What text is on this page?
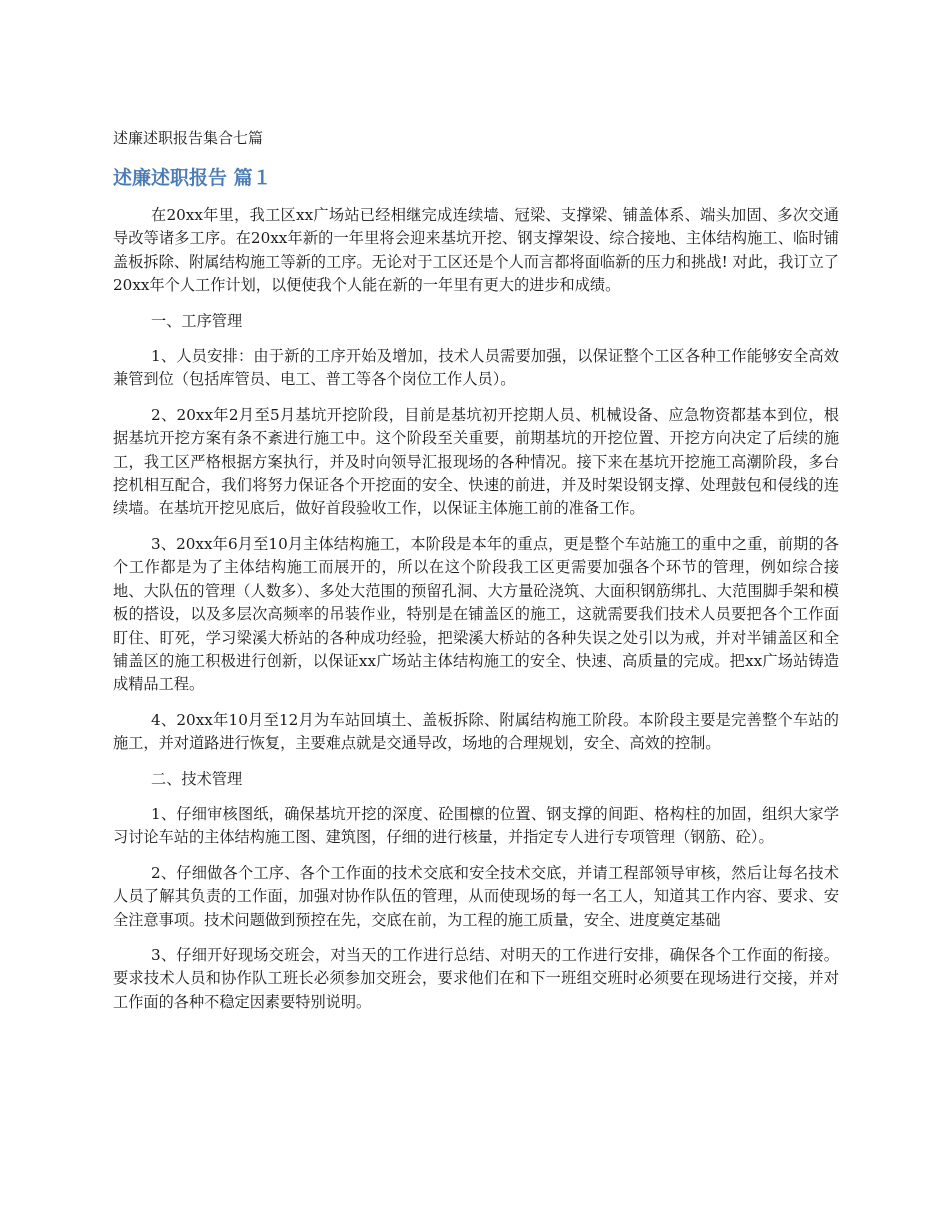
述廉述职报告集合七篇
述廉述职报告 篇１

在20xx年里，我工区xx广场站已经相继完成连续墙、冠梁、支撑梁、铺盖体系、端头加固、多次交通导改等诸多工序。在20xx年新的一年里将会迎来基坑开挖、钢支撑架设、综合接地、主体结构施工、临时铺盖板拆除、附属结构施工等新的工序。无论对于工区还是个人而言都将面临新的压力和挑战! 对此，我订立了20xx年个人工作计划，以便使我个人能在新的一年里有更大的进步和成绩。

一、工序管理

1、人员安排：由于新的工序开始及增加，技术人员需要加强，以保证整个工区各种工作能够安全高效兼管到位（包括库管员、电工、普工等各个岗位工作人员）。

2、20xx年2月至5月基坑开挖阶段，目前是基坑初开挖期人员、机械设备、应急物资都基本到位，根据基坑开挖方案有条不紊进行施工中。这个阶段至关重要，前期基坑的开挖位置、开挖方向决定了后续的施工，我工区严格根据方案执行，并及时向领导汇报现场的各种情况。接下来在基坑开挖施工高潮阶段，多台挖机相互配合，我们将努力保证各个开挖面的安全、快速的前进，并及时架设钢支撑、处理鼓包和侵线的连续墙。在基坑开挖见底后，做好首段验收工作，以保证主体施工前的准备工作。

3、20xx年6月至10月主体结构施工，本阶段是本年的重点，更是整个车站施工的重中之重，前期的各个工作都是为了主体结构施工而展开的，所以在这个阶段我工区更需要加强各个环节的管理，例如综合接地、大队伍的管理（人数多）、多处大范围的预留孔洞、大方量砼浇筑、大面积钢筋绑扎、大范围脚手架和模板的搭设，以及多层次高频率的吊装作业，特别是在铺盖区的施工，这就需要我们技术人员要把各个工作面盯住、盯死，学习梁溪大桥站的各种成功经验，把梁溪大桥站的各种失误之处引以为戒，并对半铺盖区和全铺盖区的施工积极进行创新，以保证xx广场站主体结构施工的安全、快速、高质量的完成。把xx广场站铸造成精品工程。

4、20xx年10月至12月为车站回填土、盖板拆除、附属结构施工阶段。本阶段主要是完善整个车站的施工，并对道路进行恢复，主要难点就是交通导改，场地的合理规划，安全、高效的控制。

二、技术管理

1、仔细审核图纸，确保基坑开挖的深度、砼围檩的位置、钢支撑的间距、格构柱的加固，组织大家学习讨论车站的主体结构施工图、建筑图，仔细的进行核量，并指定专人进行专项管理（钢筋、砼）。

2、仔细做各个工序、各个工作面的技术交底和安全技术交底，并请工程部领导审核，然后让每名技术人员了解其负责的工作面，加强对协作队伍的管理，从而使现场的每一名工人，知道其工作内容、要求、安全注意事项。技术问题做到预控在先，交底在前，为工程的施工质量，安全、进度奠定基础

3、仔细开好现场交班会，对当天的工作进行总结、对明天的工作进行安排，确保各个工作面的衔接。要求技术人员和协作队工班长必须参加交班会，要求他们在和下一班组交班时必须要在现场进行交接，并对工作面的各种不稳定因素要特别说明。
